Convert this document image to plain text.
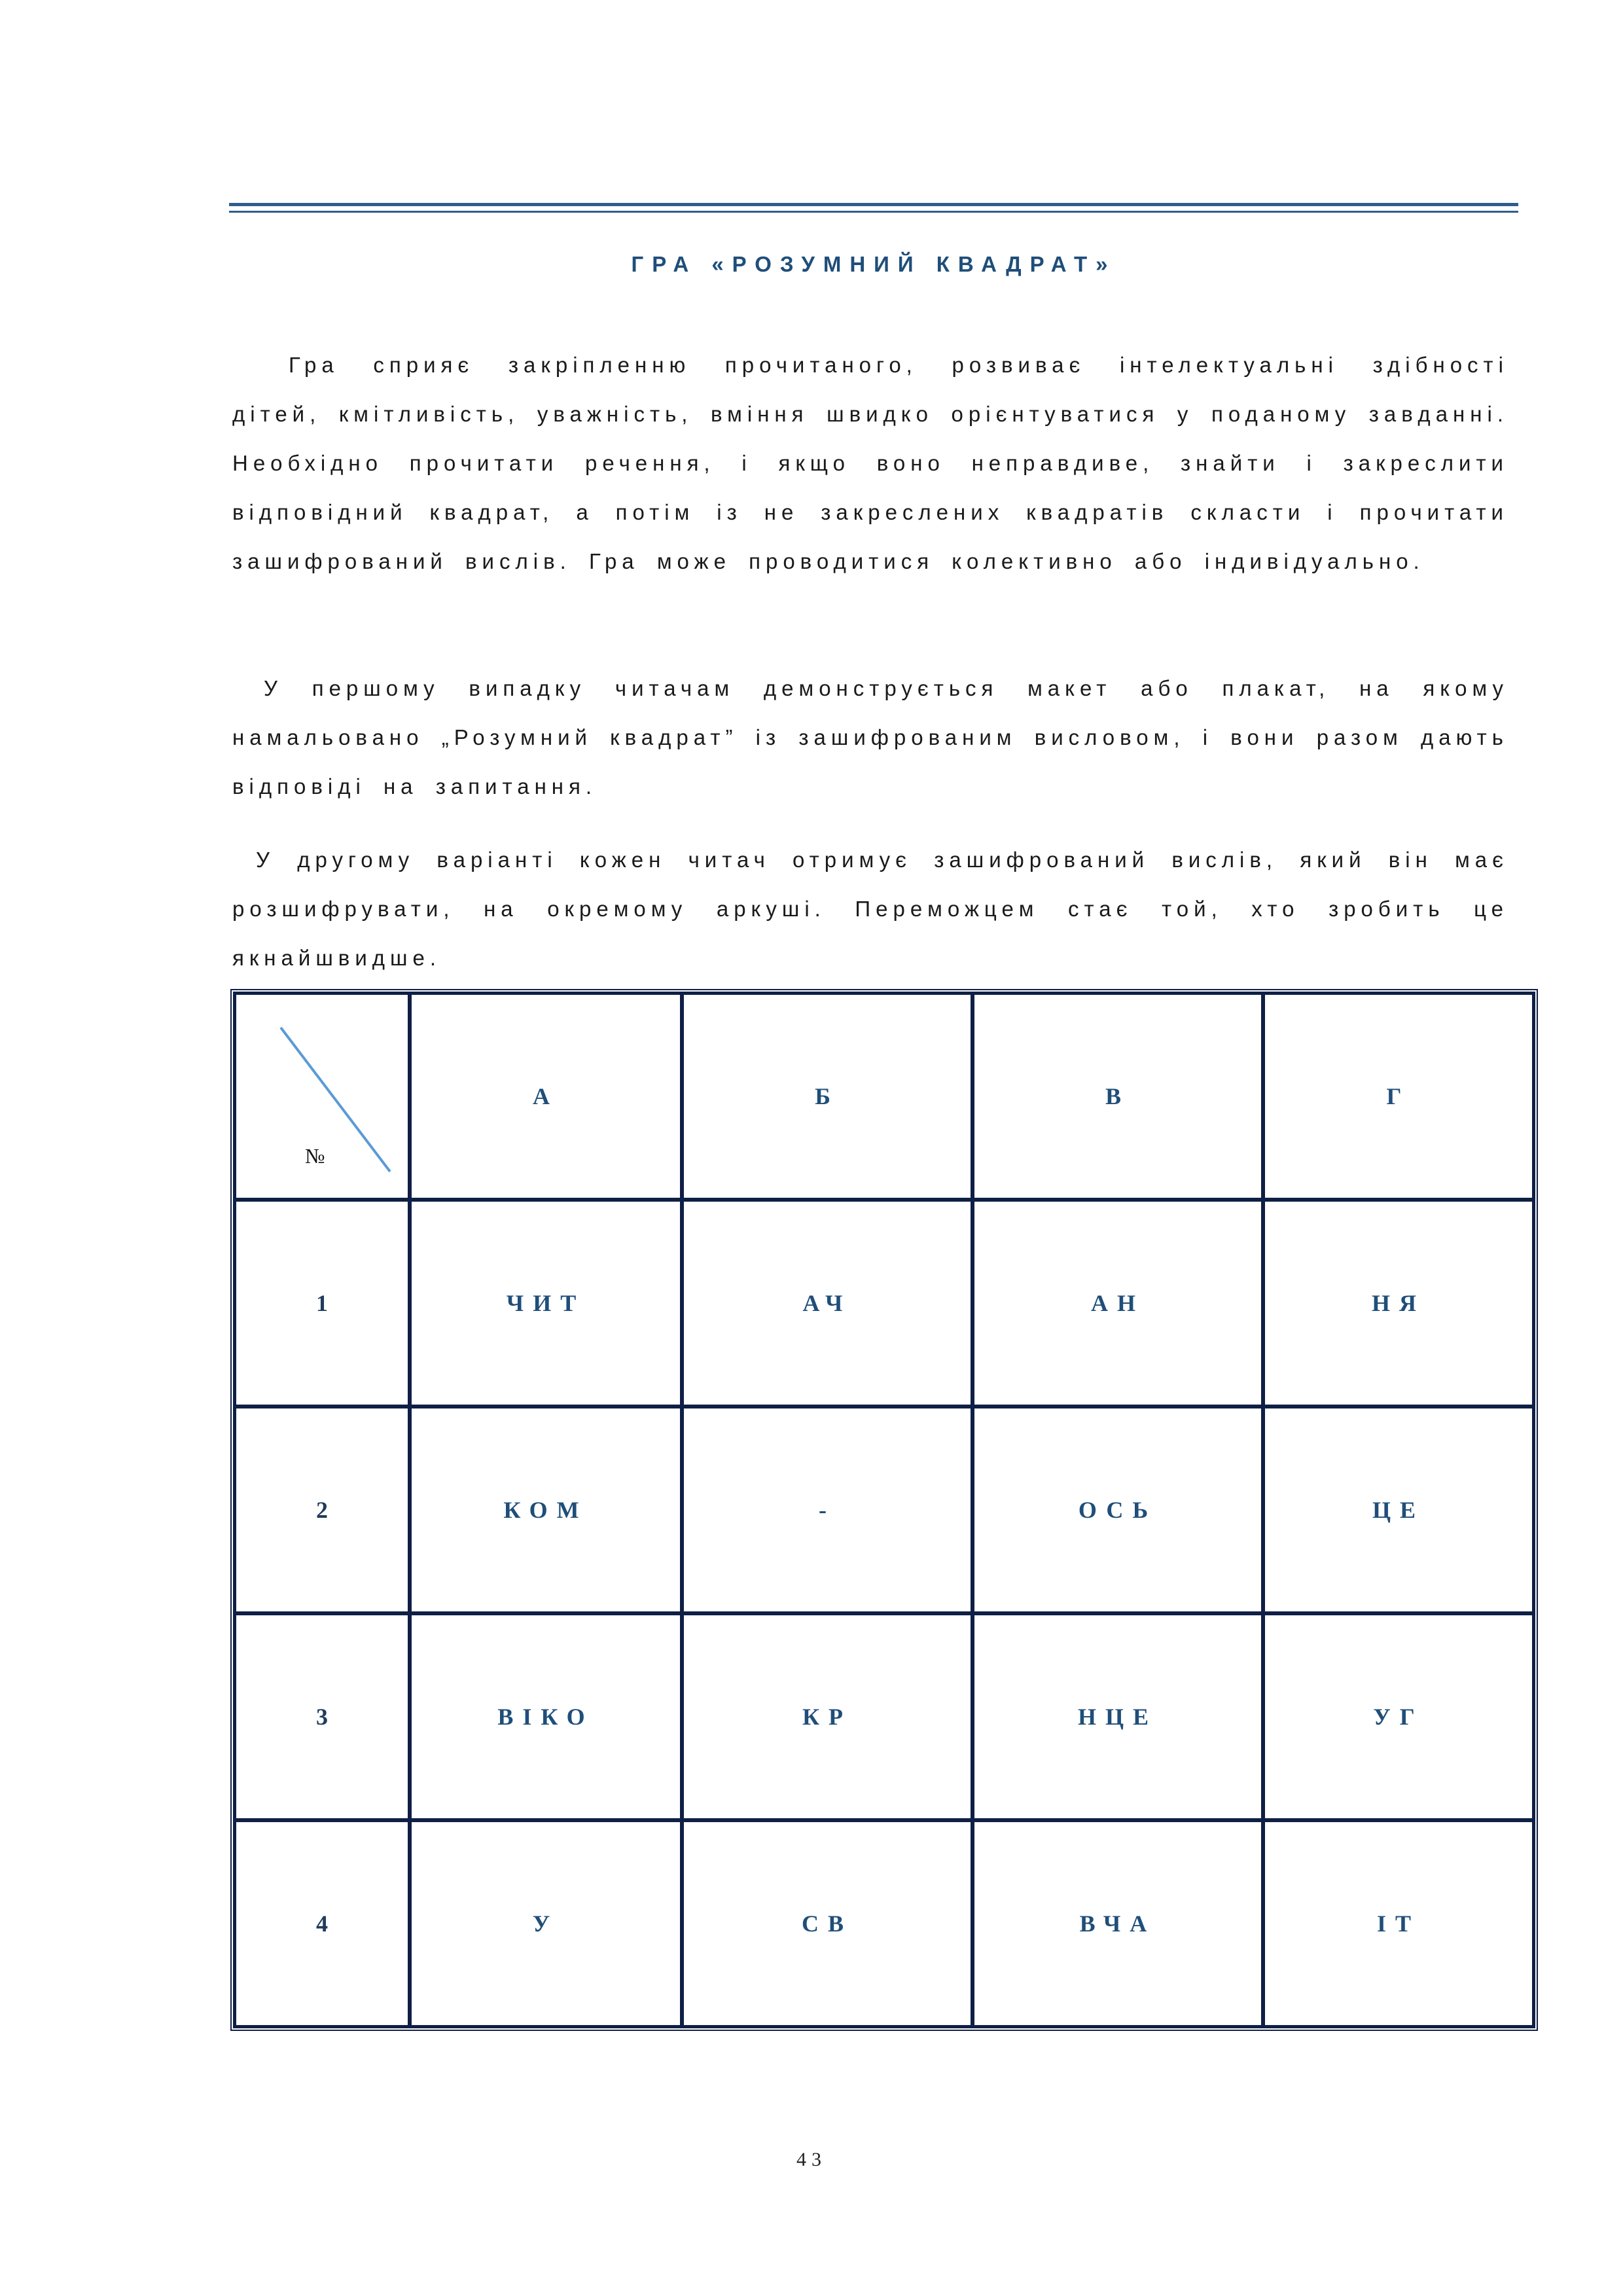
ГРА «РОЗУМНИЙ КВАДРАТ»

Гра сприяє закріпленню прочитаного, розвиває інтелектуальні здібності дітей, кмітливість, уважність, вміння швидко орієнтуватися у поданому завданні. Необхідно прочитати речення, і якщо воно неправдиве, знайти і закреслити відповідний квадрат, а потім із не закреслених квадратів скласти і прочитати зашифрований вислів. Гра може проводитися колективно або індивідуально.

У першому випадку читачам демонструється макет або плакат, на якому намальовано „Розумний квадрат” із зашифрованим висловом, і вони разом дають відповіді на запитання.

У другому варіанті кожен читач отримує зашифрований вислів, який він має розшифрувати, на окремому аркуші. Переможцем стає той, хто зробить це якнайшвидше.

№	А	Б	В	Г
1	ЧИТ	АЧ	АН	НЯ
2	КОМ	-	ОСЬ	ЦЕ
3	ВІКО	КР	НЦЕ	УГ
4	У	СВ	ВЧА	ІТ
43
